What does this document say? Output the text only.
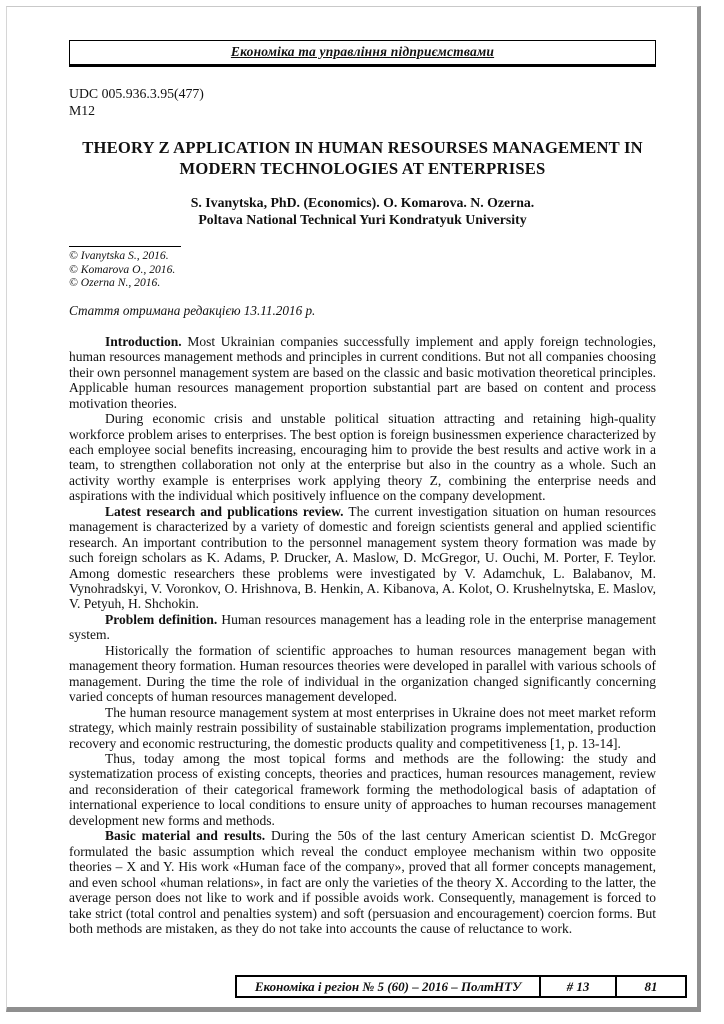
Економіка та управління підприємствами
UDC 005.936.3.95(477)
M12
THEORY Z APPLICATION IN HUMAN RESOURSES MANAGEMENT IN MODERN TECHNOLOGIES AT ENTERPRISES
S. Ivanytska, PhD. (Economics). O. Komarova. N. Ozerna.
Poltava National Technical Yuri Kondratyuk University
© Ivanytska S., 2016.
© Komarova O., 2016.
© Ozerna N., 2016.
Стаття отримана редакцією 13.11.2016 р.

Introduction. Most Ukrainian companies successfully implement and apply foreign technologies, human resources management methods and principles in current conditions. But not all companies choosing their own personnel management system are based on the classic and basic motivation theoretical principles. Applicable human resources management proportion substantial part are based on content and process motivation theories.

During economic crisis and unstable political situation attracting and retaining high-quality workforce problem arises to enterprises. The best option is foreign businessmen experience characterized by each employee social benefits increasing, encouraging him to provide the best results and active work in a team, to strengthen collaboration not only at the enterprise but also in the country as a whole. Such an activity worthy example is enterprises work applying theory Z, combining the enterprise needs and aspirations with the individual which positively influence on the company development.

Latest research and publications review. The current investigation situation on human resources management is characterized by a variety of domestic and foreign scientists general and applied scientific research. An important contribution to the personnel management system theory formation was made by such foreign scholars as K. Adams, P. Drucker, A. Maslow, D. McGregor, U. Ouchi, M. Porter, F. Teylor. Among domestic researchers these problems were investigated by V. Adamchuk, L. Balabanov, M. Vynohradskyi, V. Voronkov, O. Hrishnova, B. Henkin, A. Kibanova, A. Kolot, O. Krushelnytska, E. Maslov, V. Petyuh, H. Shchokin.

Problem definition. Human resources management has a leading role in the enterprise management system.

Historically the formation of scientific approaches to human resources management began with management theory formation. Human resources theories were developed in parallel with various schools of management. During the time the role of individual in the organization changed significantly concerning varied concepts of human resources management developed.

The human resource management system at most enterprises in Ukraine does not meet market reform strategy, which mainly restrain possibility of sustainable stabilization programs implementation, production recovery and economic restructuring, the domestic products quality and competitiveness [1, p. 13-14].

Thus, today among the most topical forms and methods are the following: the study and systematization process of existing concepts, theories and practices, human resources management, review and reconsideration of their categorical framework forming the methodological basis of adaptation of international experience to local conditions to ensure unity of approaches to human recourses management development new forms and methods.

Basic material and results. During the 50s of the last century American scientist D. McGregor formulated the basic assumption which reveal the conduct employee mechanism within two opposite theories – X and Y. His work «Human face of the company», proved that all former concepts management, and even school «human relations», in fact are only the varieties of the theory X. According to the latter, the average person does not like to work and if possible avoids work. Consequently, management is forced to take strict (total control and penalties system) and soft (persuasion and encouragement) coercion forms. But both methods are mistaken, as they do not take into accounts the cause of reluctance to work.

Економіка і регіон № 5 (60) – 2016 – ПолтНТУ	# 13	81
